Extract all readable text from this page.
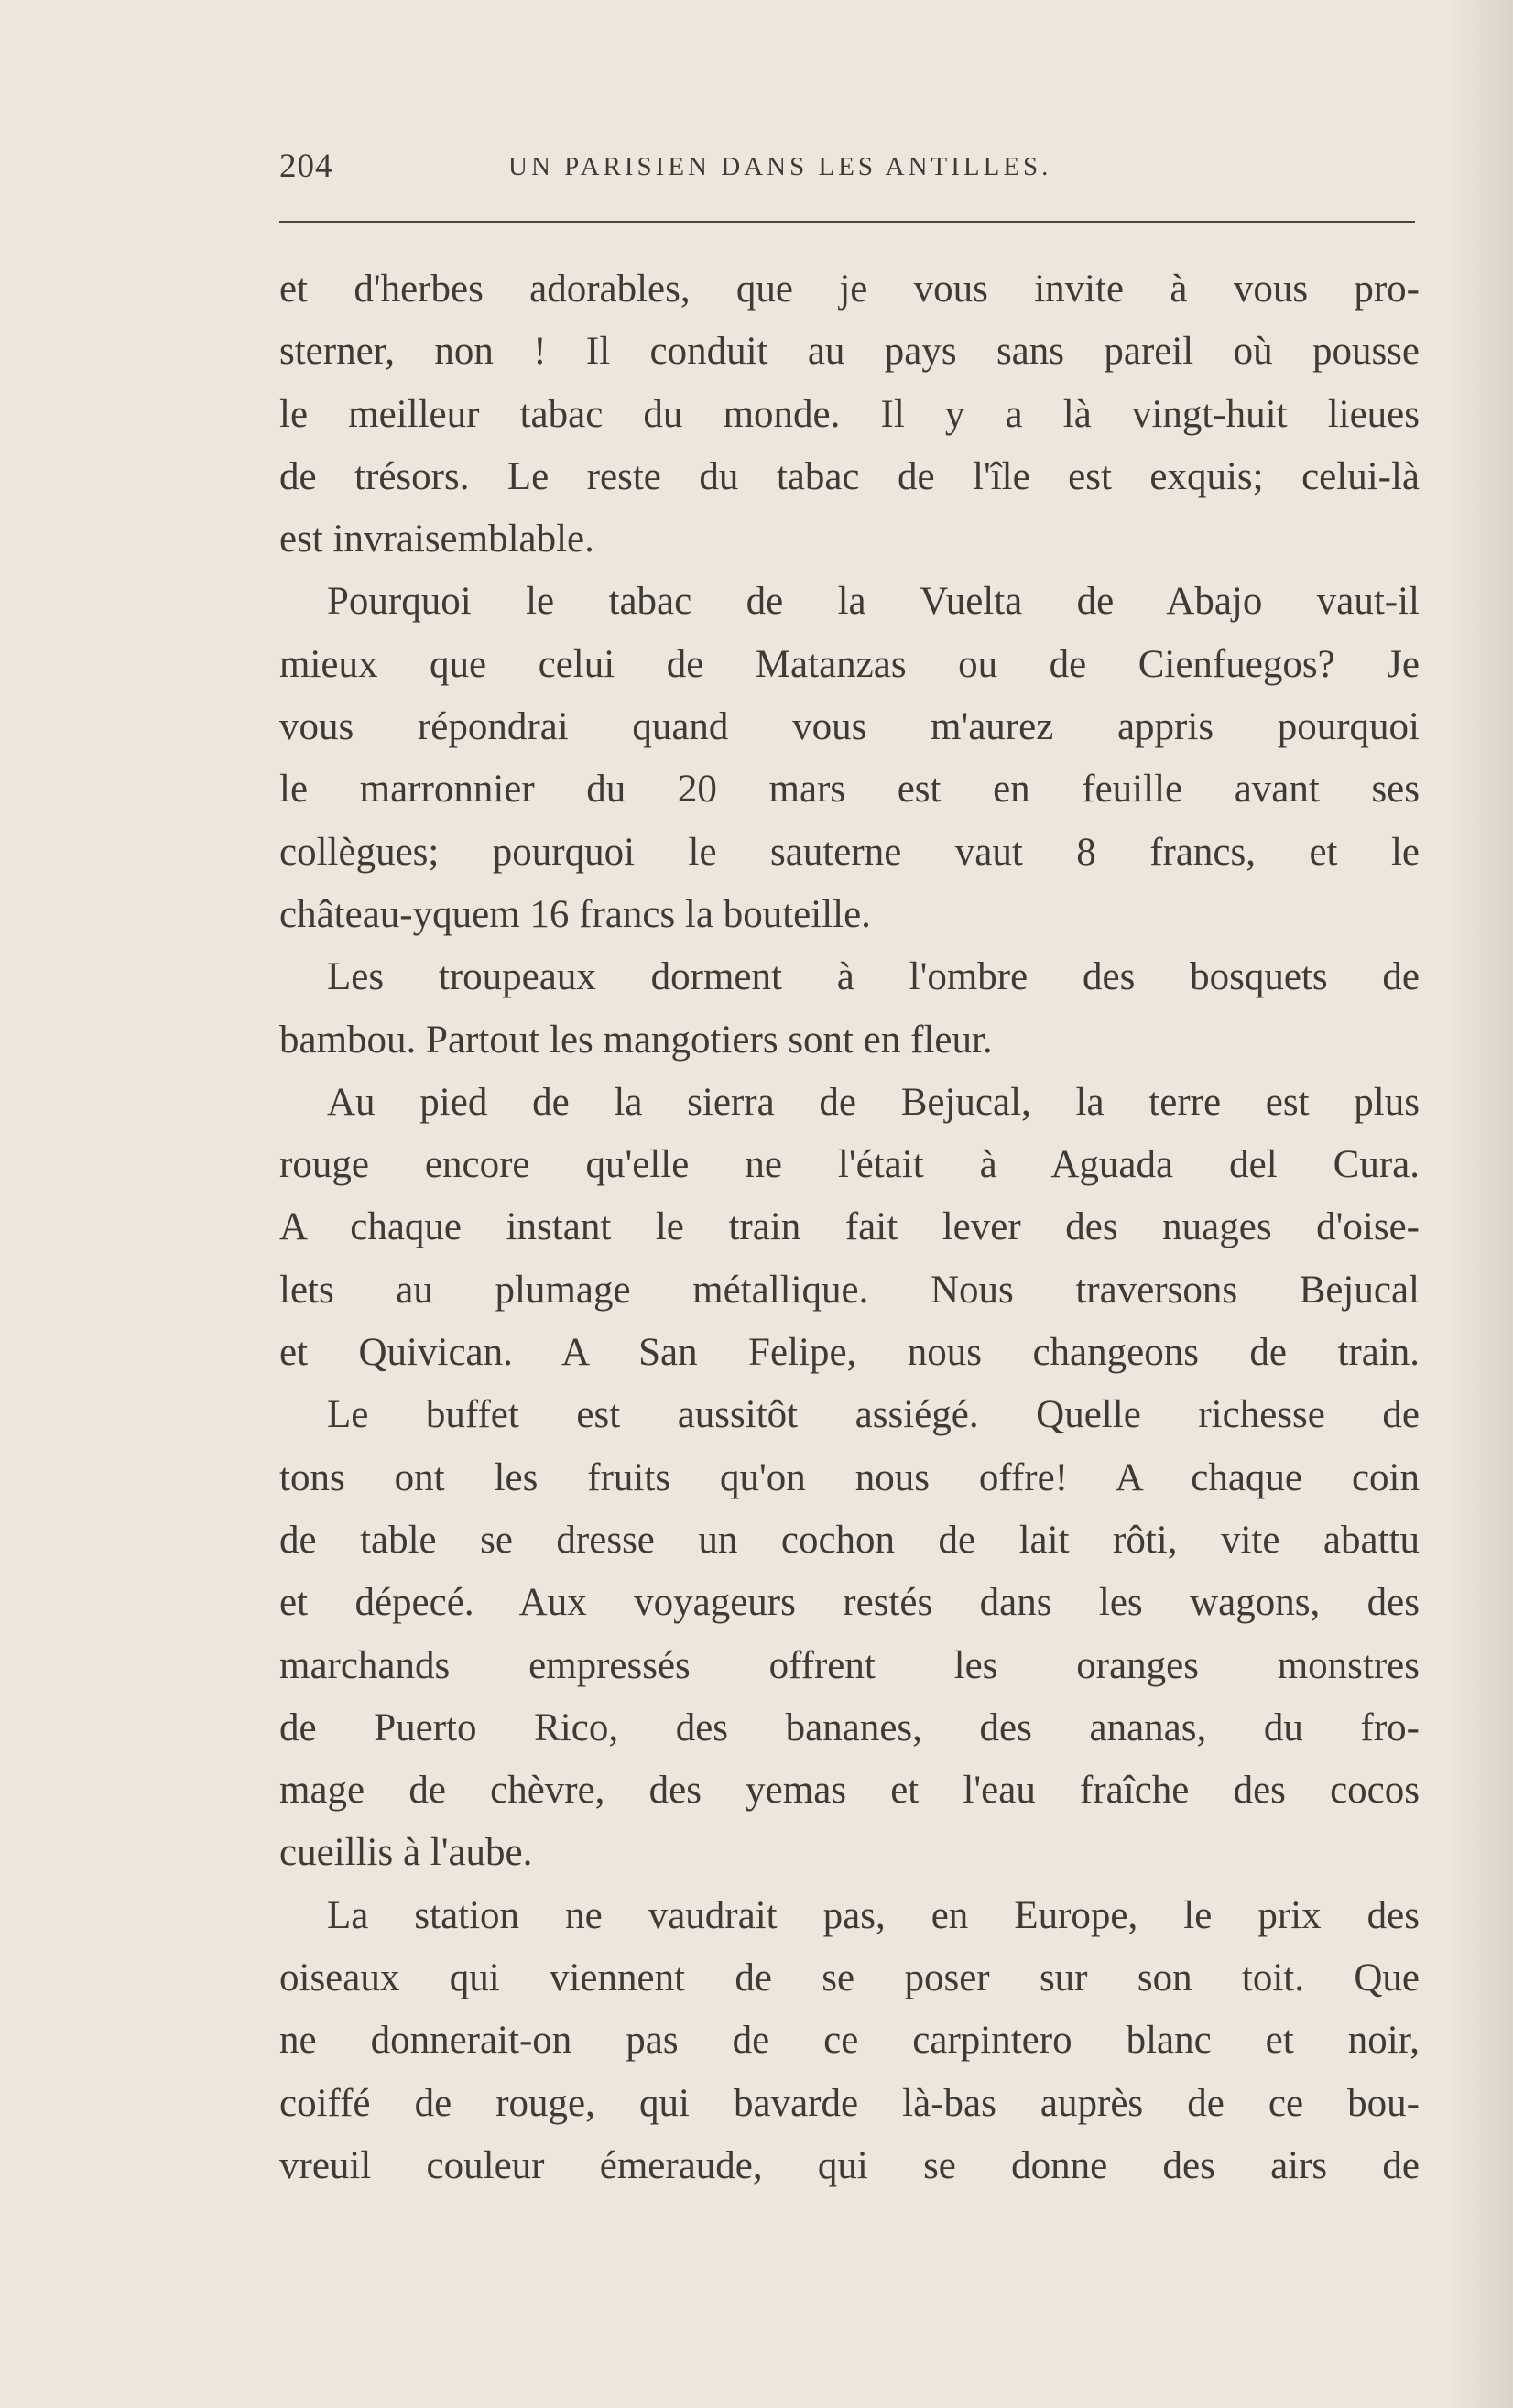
204	UN PARISIEN DANS LES ANTILLES.
et d'herbes adorables, que je vous invite à vous pro-
sterner, non ! Il conduit au pays sans pareil où pousse
le meilleur tabac du monde. Il y a là vingt-huit lieues
de trésors. Le reste du tabac de l'île est exquis; celui-là
est invraisemblable.
Pourquoi le tabac de la Vuelta de Abajo vaut-il
mieux que celui de Matanzas ou de Cienfuegos? Je
vous répondrai quand vous m'aurez appris pourquoi
le marronnier du 20 mars est en feuille avant ses
collègues; pourquoi le sauterne vaut 8 francs, et le
château-yquem 16 francs la bouteille.
Les troupeaux dorment à l'ombre des bosquets de
bambou. Partout les mangotiers sont en fleur.
Au pied de la sierra de Bejucal, la terre est plus
rouge encore qu'elle ne l'était à Aguada del Cura.
A chaque instant le train fait lever des nuages d'oise-
lets au plumage métallique. Nous traversons Bejucal
et Quivican. A San Felipe, nous changeons de train.
Le buffet est aussitôt assiégé. Quelle richesse de
tons ont les fruits qu'on nous offre! A chaque coin
de table se dresse un cochon de lait rôti, vite abattu
et dépecé. Aux voyageurs restés dans les wagons, des
marchands empressés offrent les oranges monstres
de Puerto Rico, des bananes, des ananas, du fro-
mage de chèvre, des yemas et l'eau fraîche des cocos
cueillis à l'aube.
La station ne vaudrait pas, en Europe, le prix des
oiseaux qui viennent de se poser sur son toit. Que
ne donnerait-on pas de ce carpintero blanc et noir,
coiffé de rouge, qui bavarde là-bas auprès de ce bou-
vreuil couleur émeraude, qui se donne des airs de
